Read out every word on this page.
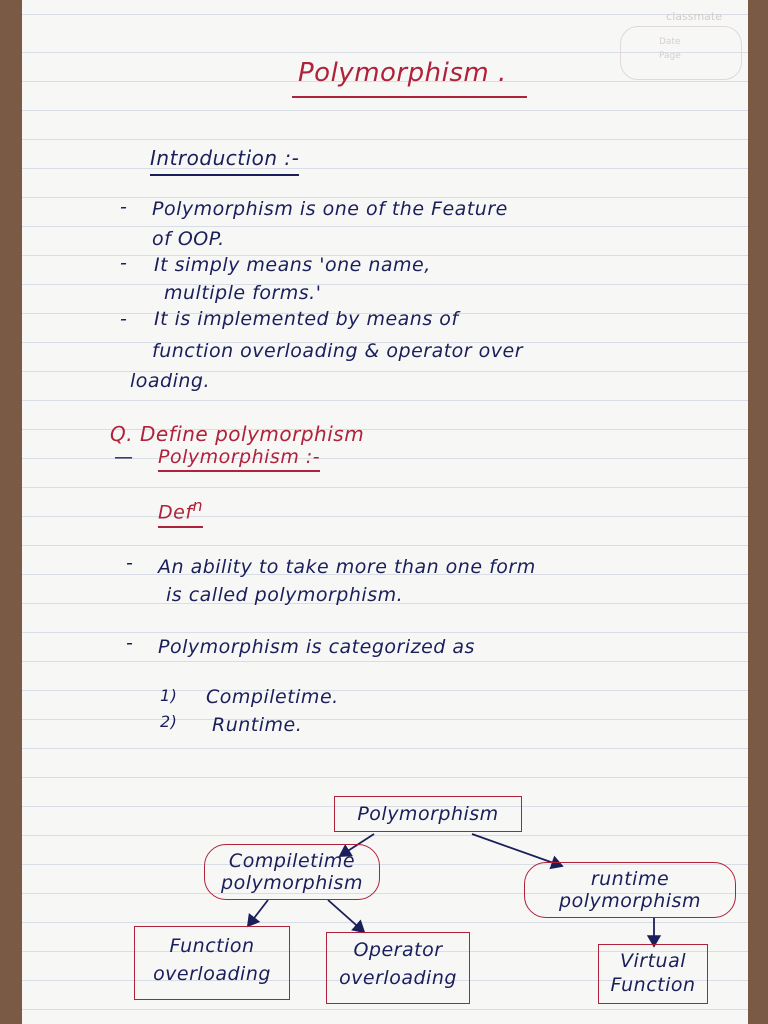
classmate
Date
Page
Polymorphism .
Introduction :-
- Polymorphism is one of the Feature
of OOP.
- It simply means 'one name,
multiple forms.'
- It is implemented by means of
function overloading & operator over
loading.
Q. Define polymorphism
— Polymorphism :-
Def$^n$
- An ability to take more than one form
is called polymorphism.
- Polymorphism is categorized as
1) Compiletime.
2) Runtime.
Polymorphism
Compiletime
polymorphism	runtime
polymorphism
Function
overloading
Operator
overloading
Virtual
Function
